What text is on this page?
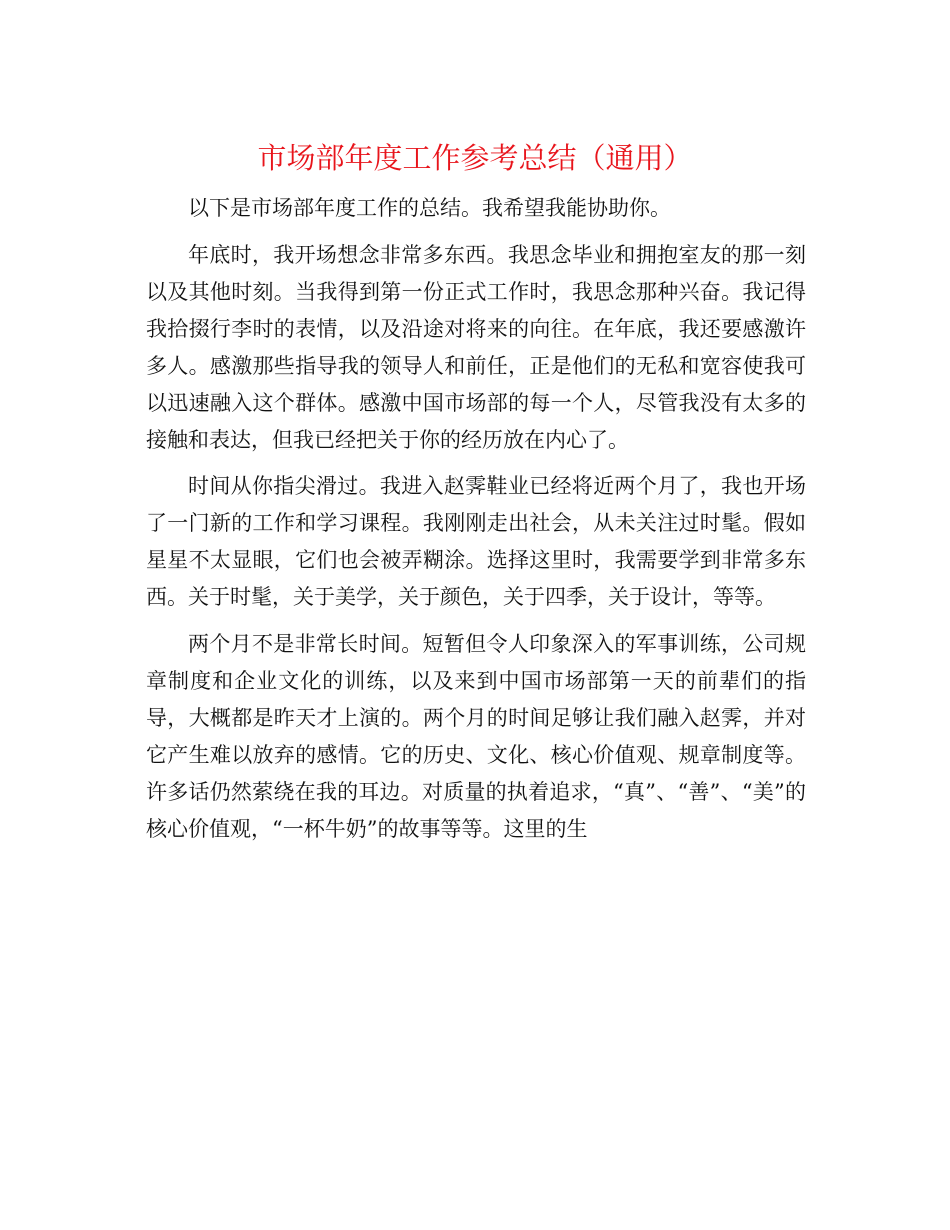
市场部年度工作参考总结（通用）

以下是市场部年度工作的总结。我希望我能协助你。

年底时，我开场想念非常多东西。我思念毕业和拥抱室友的那一刻以及其他时刻。当我得到第一份正式工作时，我思念那种兴奋。我记得我拾掇行李时的表情，以及沿途对将来的向往。在年底，我还要感激许多人。感激那些指导我的领导人和前任，正是他们的无私和宽容使我可以迅速融入这个群体。感激中国市场部的每一个人，尽管我没有太多的接触和表达，但我已经把关于你的经历放在内心了。

时间从你指尖滑过。我进入赵霁鞋业已经将近两个月了，我也开场了一门新的工作和学习课程。我刚刚走出社会，从未关注过时髦。假如星星不太显眼，它们也会被弄糊涂。选择这里时，我需要学到非常多东西。关于时髦，关于美学，关于颜色，关于四季，关于设计，等等。

两个月不是非常长时间。短暂但令人印象深入的军事训练，公司规章制度和企业文化的训练，以及来到中国市场部第一天的前辈们的指导，大概都是昨天才上演的。两个月的时间足够让我们融入赵霁，并对它产生难以放弃的感情。它的历史、文化、核心价值观、规章制度等。许多话仍然萦绕在我的耳边。对质量的执着追求，“真”、“善”、“美”的核心价值观，“一杯牛奶”的故事等等。这里的生
